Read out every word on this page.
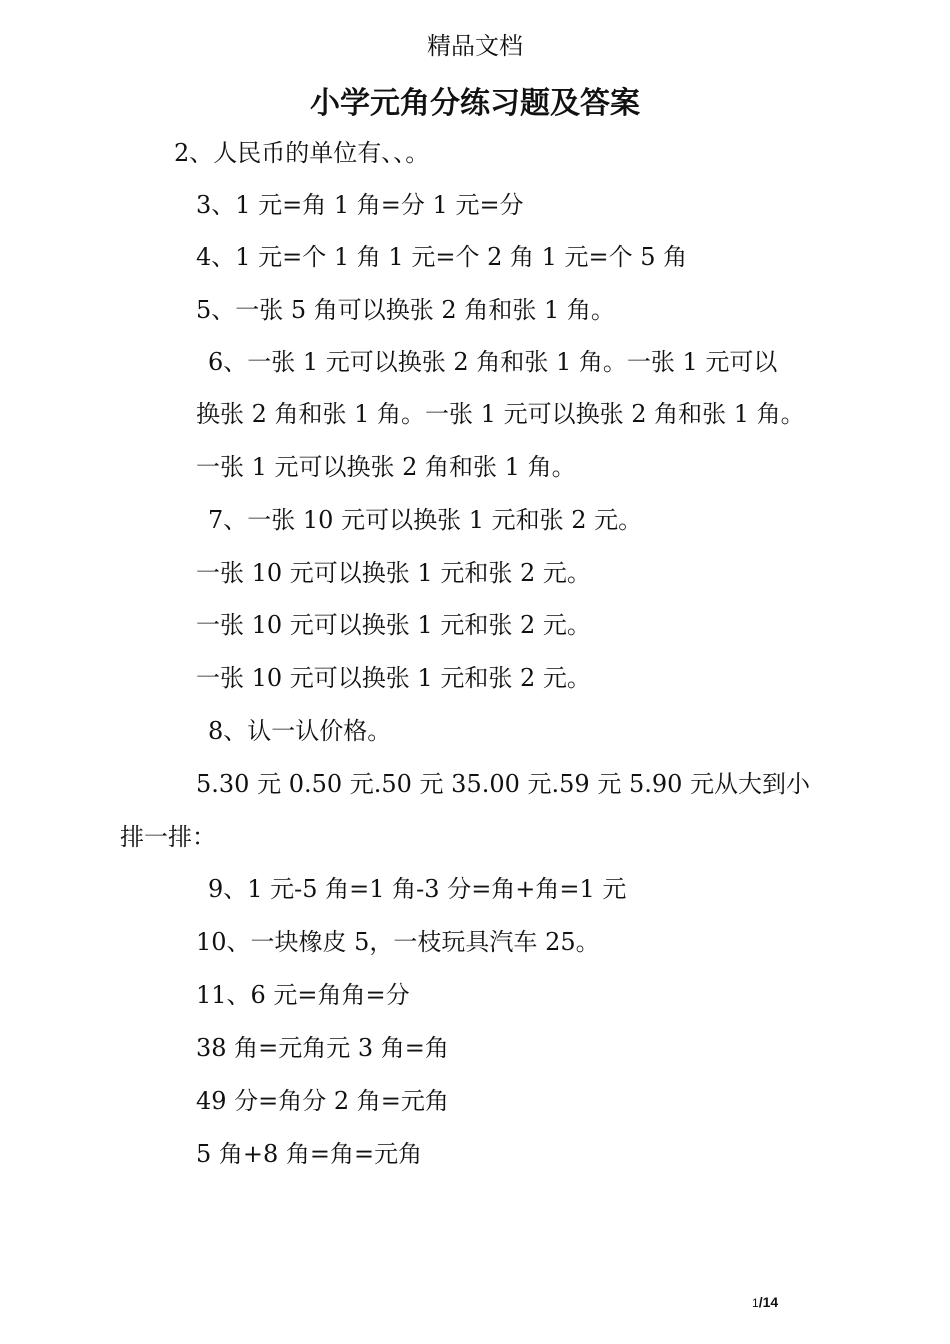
精品文档
小学元角分练习题及答案
2、人民币的单位有、、。
3、1 元=角 1 角=分 1 元=分
4、1 元=个 1 角 1 元=个 2 角 1 元=个 5 角
5、一张 5 角可以换张 2 角和张 1 角。
6、一张 1 元可以换张 2 角和张 1 角。一张 1 元可以
换张 2 角和张 1 角。一张 1 元可以换张 2 角和张 1 角。
一张 1 元可以换张 2 角和张 1 角。
7、一张 10 元可以换张 1 元和张 2 元。
一张 10 元可以换张 1 元和张 2 元。
一张 10 元可以换张 1 元和张 2 元。
一张 10 元可以换张 1 元和张 2 元。
8、认一认价格。
5.30 元 0.50 元.50 元 35.00 元.59 元 5.90 元从大到小
排一排：
9、1 元-5 角=1 角-3 分=角+角=1 元
10、一块橡皮 5，一枝玩具汽车 25。
11、6 元=角角=分
38 角=元角元 3 角=角
49 分=角分 2 角=元角
5 角+8 角=角=元角
1/14
